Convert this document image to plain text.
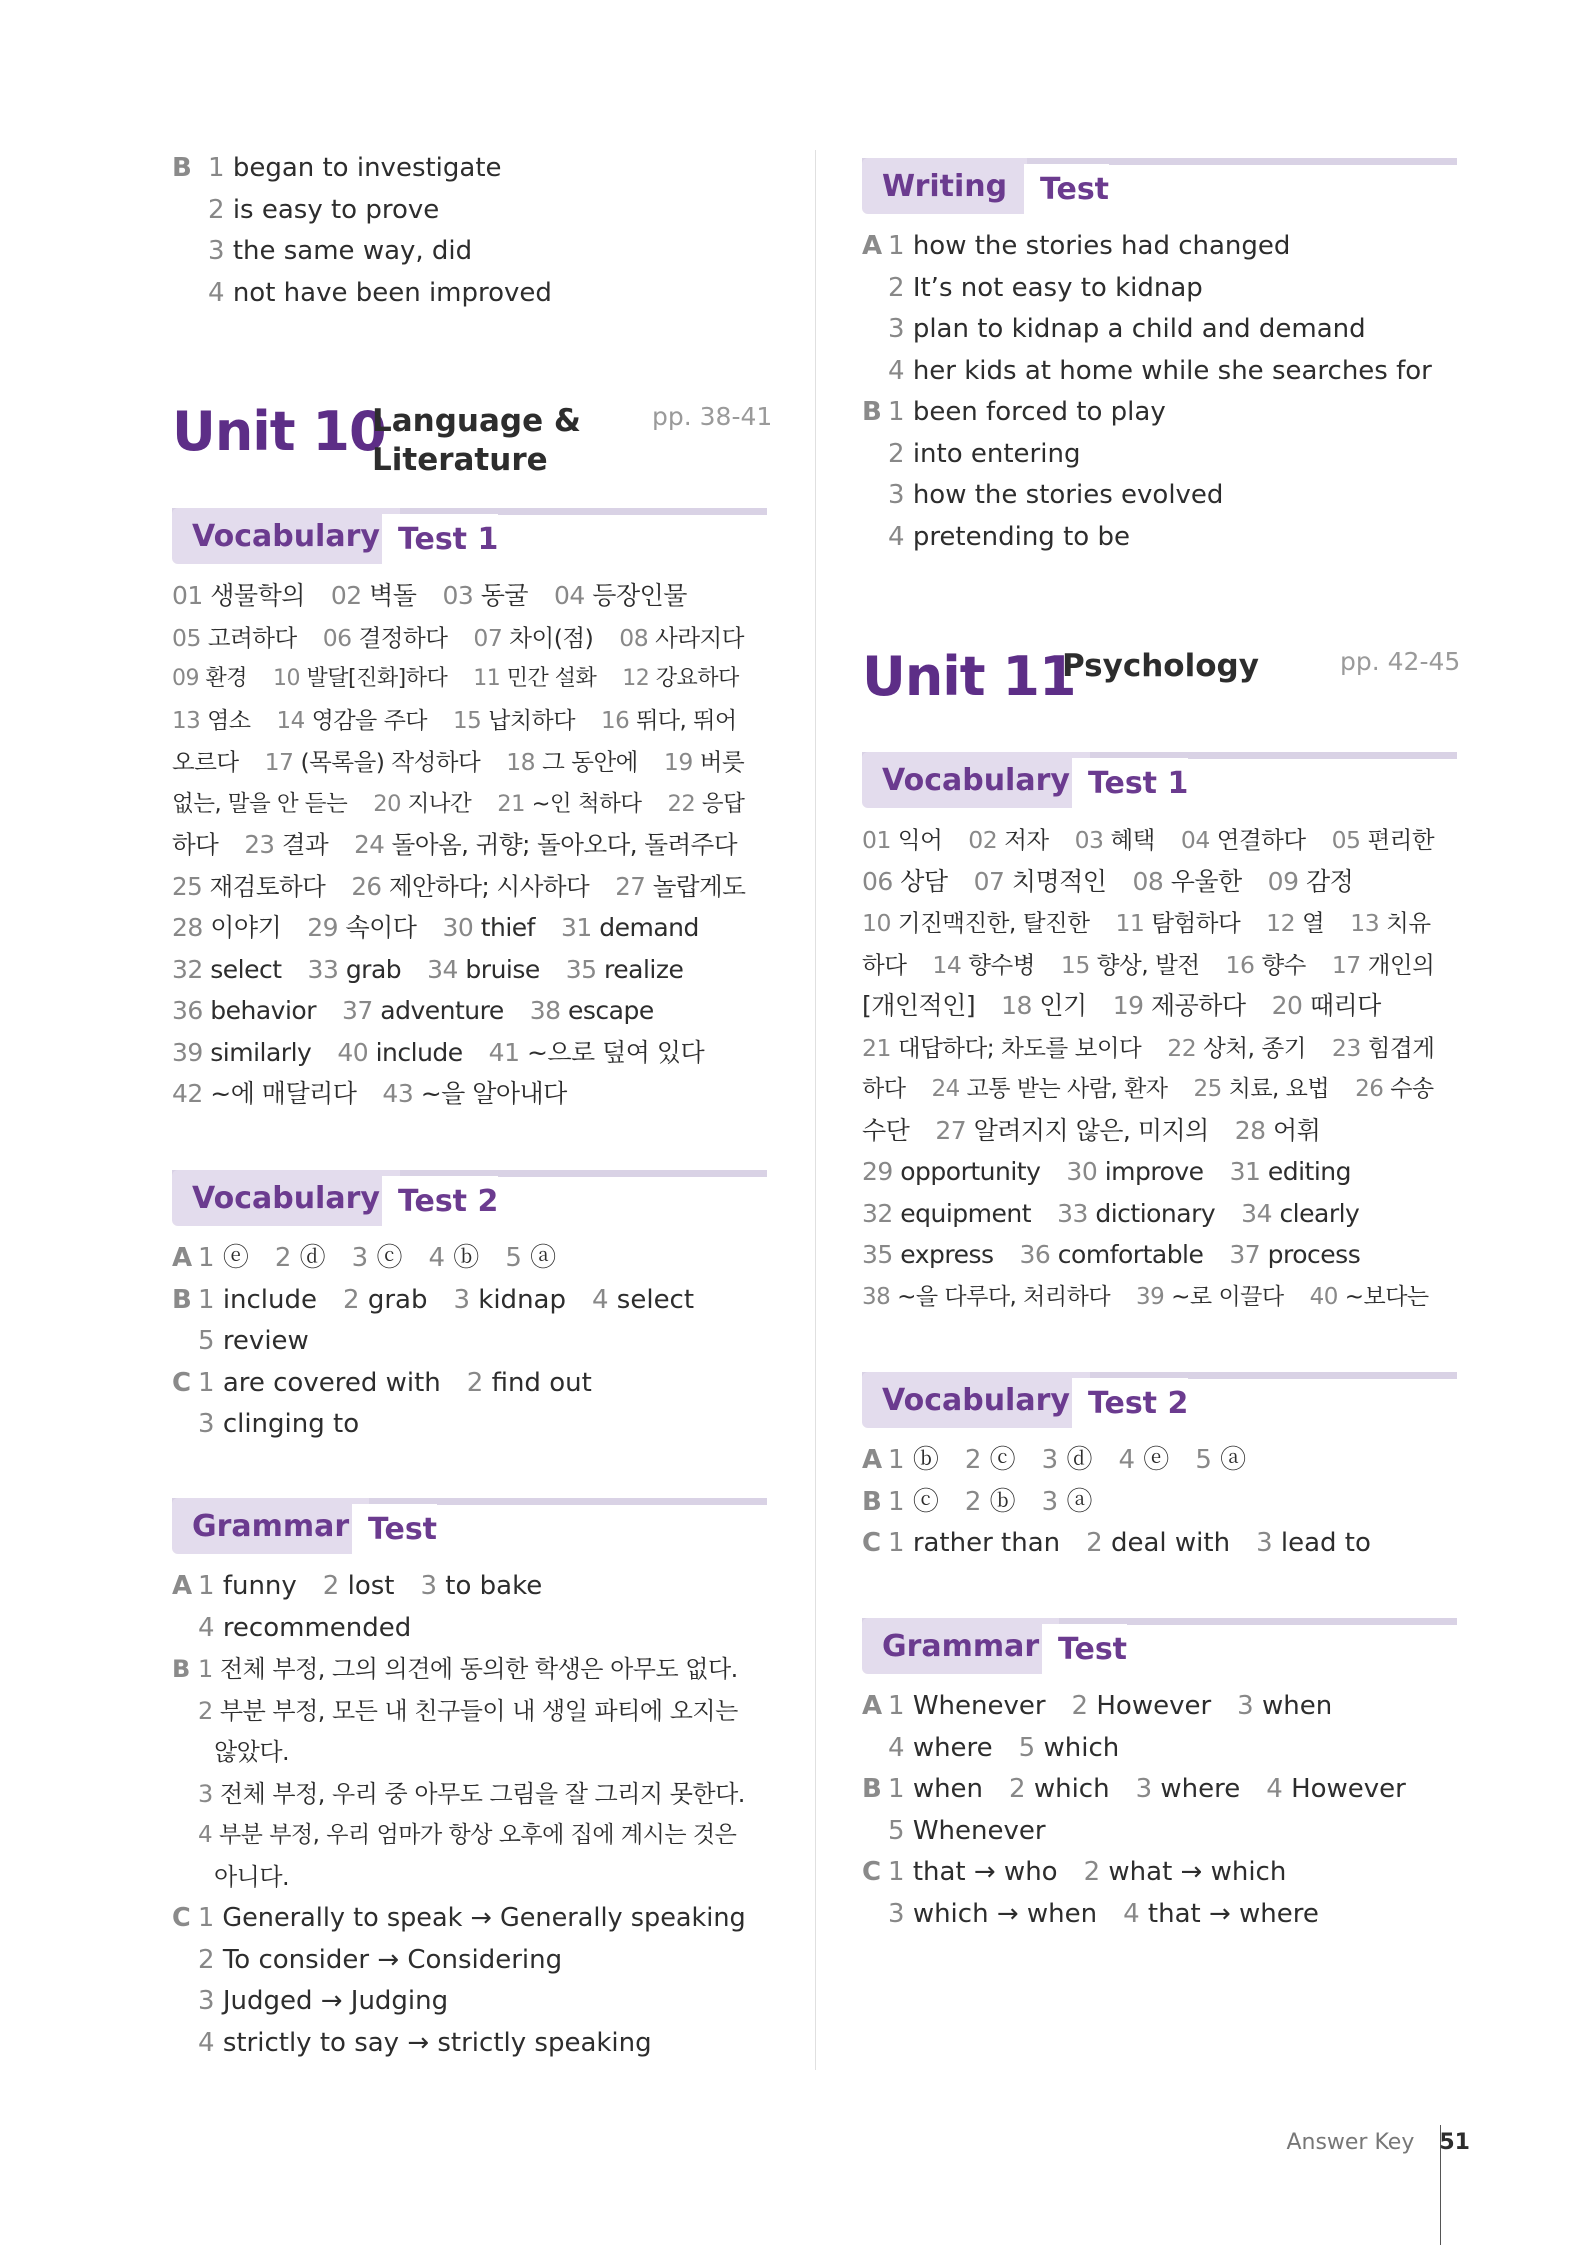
B 1 began to investigate
2 is easy to prove
3 the same way, did
4 not have been improved
Unit 10
Language &
Literature
pp. 38-41
Vocabulary Test 1
01 생물학의 02 벽돌 03 동굴 04 등장인물
05 고려하다 06 결정하다 07 차이(점) 08 사라지다
09 환경 10 발달[진화]하다 11 민간 설화 12 강요하다
13 염소 14 영감을 주다 15 납치하다 16 뛰다, 뛰어
오르다 17 (목록을) 작성하다 18 그 동안에 19 버릇
없는, 말을 안 듣는 20 지나간 21 ~인 척하다 22 응답
하다 23 결과 24 돌아옴, 귀향; 돌아오다, 돌려주다
25 재검토하다 26 제안하다; 시사하다 27 놀랍게도
28 이야기 29 속이다 30 thief 31 demand
32 select 33 grab 34 bruise 35 realize
36 behavior 37 adventure 38 escape
39 similarly 40 include 41 ~으로 덮여 있다
42 ~에 매달리다 43 ~을 알아내다
Vocabulary Test 2
A 1 ⓔ 2 ⓓ 3 ⓒ 4 ⓑ 5 ⓐ
B 1 include 2 grab 3 kidnap 4 select
5 review
C 1 are covered with 2 find out
3 clinging to
Grammar Test
A 1 funny 2 lost 3 to bake
4 recommended
B 1 전체 부정, 그의 의견에 동의한 학생은 아무도 없다.
2 부분 부정, 모든 내 친구들이 내 생일 파티에 오지는
않았다.
3 전체 부정, 우리 중 아무도 그림을 잘 그리지 못한다.
4 부분 부정, 우리 엄마가 항상 오후에 집에 계시는 것은
아니다.
C 1 Generally to speak → Generally speaking
2 To consider → Considering
3 Judged → Judging
4 strictly to say → strictly speaking
Writing	Test
A 1 how the stories had changed
2 It’s not easy to kidnap
3 plan to kidnap a child and demand
4 her kids at home while she searches for
B 1 been forced to play
2 into entering
3 how the stories evolved
4 pretending to be
Unit 11
Psychology	pp. 42-45
Vocabulary Test 1
01 익어 02 저자 03 혜택 04 연결하다 05 편리한
06 상담 07 치명적인 08 우울한 09 감정
10 기진맥진한, 탈진한 11 탐험하다 12 열 13 치유
하다 14 향수병 15 향상, 발전 16 향수 17 개인의
[개인적인] 18 인기 19 제공하다 20 때리다
21 대답하다; 차도를 보이다 22 상처, 종기 23 힘겹게
하다 24 고통 받는 사람, 환자 25 치료, 요법 26 수송
수단 27 알려지지 않은, 미지의 28 어휘
29 opportunity 30 improve 31 editing
32 equipment 33 dictionary 34 clearly
35 express 36 comfortable 37 process
38 ~을 다루다, 처리하다 39 ~로 이끌다 40 ~보다는
Vocabulary Test 2
A 1 ⓑ 2 ⓒ 3 ⓓ 4 ⓔ 5 ⓐ
B 1 ⓒ 2 ⓑ 3 ⓐ
C 1 rather than 2 deal with 3 lead to
Grammar Test
A 1 Whenever 2 However 3 when
4 where 5 which
B 1 when 2 which 3 where 4 However
5 Whenever
C 1 that → who 2 what → which
3 which → when 4 that → where
Answer Key 51
